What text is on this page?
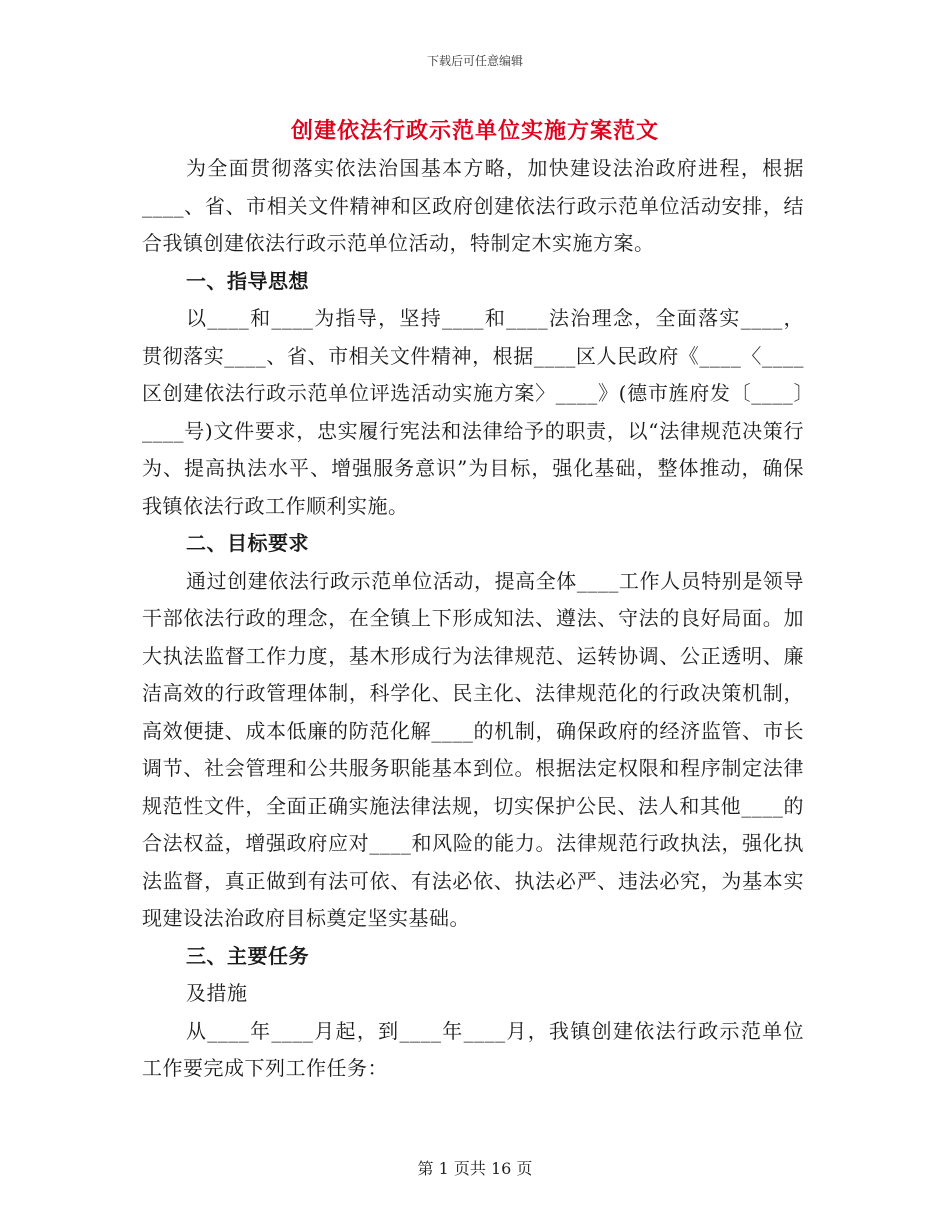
下载后可任意编辑
创建依法行政示范单位实施方案范文

为全面贯彻落实依法治国基本方略，加快建设法治政府进程，根据____、省、市相关文件精神和区政府创建依法行政示范单位活动安排，结合我镇创建依法行政示范单位活动，特制定木实施方案。

一、指导思想

以____和____为指导，坚持____和____法治理念，全面落实____，贯彻落实____、省、市相关文件精神，根据____区人民政府《____〈____区创建依法行政示范单位评选活动实施方案〉____》(德市旌府发〔____〕____号)文件要求，忠实履行宪法和法律给予的职责，以“法律规范决策行为、提高执法水平、增强服务意识”为目标，强化基础，整体推动，确保我镇依法行政工作顺利实施。

二、目标要求

通过创建依法行政示范单位活动，提高全体____工作人员特别是领导干部依法行政的理念，在全镇上下形成知法、遵法、守法的良好局面。加大执法监督工作力度，基木形成行为法律规范、运转协调、公正透明、廉洁高效的行政管理体制，科学化、民主化、法律规范化的行政决策机制，高效便捷、成本低廉的防范化解____的机制，确保政府的经济监管、市长调节、社会管理和公共服务职能基本到位。根据法定权限和程序制定法律规范性文件，全面正确实施法律法规，切实保护公民、法人和其他____的合法权益，增强政府应对____和风险的能力。法律规范行政执法，强化执法监督，真正做到有法可依、有法必依、执法必严、违法必究，为基本实现建设法治政府目标奠定坚实基础。

三、主要任务

及措施

从____年____月起，到____年____月，我镇创建依法行政示范单位工作要完成下列工作任务：

第 1 页共 16 页
